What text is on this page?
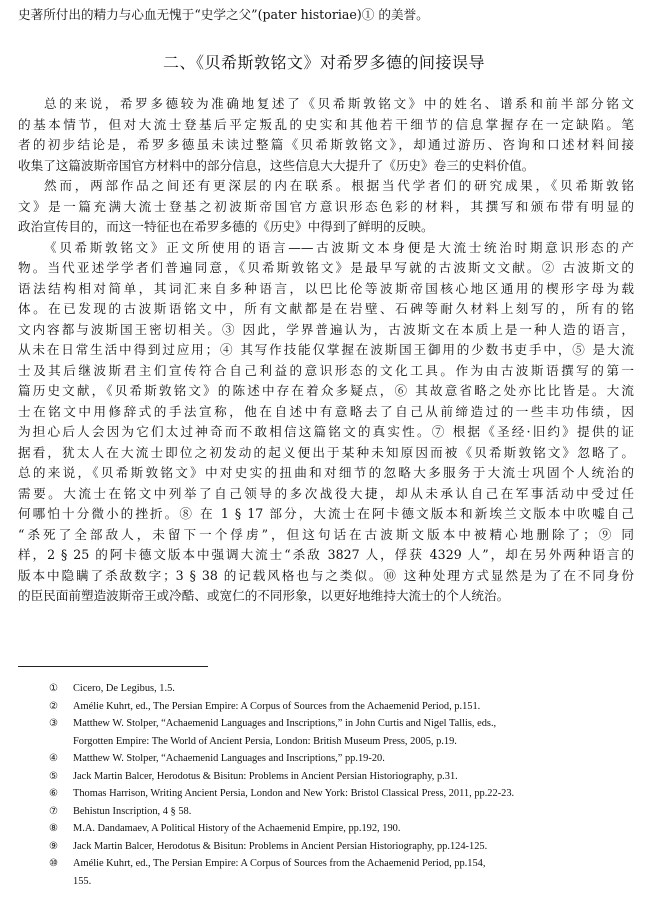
史著所付出的精力与心血无愧于“史学之父”(pater historiae)① 的美誉。
二、《贝希斯敦铭文》对希罗多德的间接误导
总的来说，希罗多德较为准确地复述了《贝希斯敦铭文》中的姓名、谱系和前半部分铭文
的基本情节，但对大流士登基后平定叛乱的史实和其他若干细节的信息掌握存在一定缺陷。笔
者的初步结论是，希罗多德虽未读过整篇《贝希斯敦铭文》，却通过游历、咨询和口述材料间接
收集了这篇波斯帝国官方材料中的部分信息，这些信息大大提升了《历史》卷三的史料价值。
然而，两部作品之间还有更深层的内在联系。根据当代学者们的研究成果，《贝希斯敦铭
文》是一篇充满大流士登基之初波斯帝国官方意识形态色彩的材料，其撰写和颁布带有明显的
政治宣传目的，而这一特征也在希罗多德的《历史》中得到了鲜明的反映。
《贝希斯敦铭文》正文所使用的语言——古波斯文本身便是大流士统治时期意识形态的产
物。当代亚述学学者们普遍同意，《贝希斯敦铭文》是最早写就的古波斯文文献。② 古波斯文的
语法结构相对简单，其词汇来自多种语言，以巴比伦等波斯帝国核心地区通用的楔形字母为载
体。在已发现的古波斯语铭文中，所有文献都是在岩壁、石碑等耐久材料上刻写的，所有的铭
文内容都与波斯国王密切相关。③ 因此，学界普遍认为，古波斯文在本质上是一种人造的语言，
从未在日常生活中得到过应用；④ 其写作技能仅掌握在波斯国王御用的少数书吏手中，⑤ 是大流
士及其后继波斯君主们宣传符合自己利益的意识形态的文化工具。作为由古波斯语撰写的第一
篇历史文献，《贝希斯敦铭文》的陈述中存在着众多疑点，⑥ 其故意省略之处亦比比皆是。大流
士在铭文中用修辞式的手法宣称，他在自述中有意略去了自己从前缔造过的一些丰功伟绩，因
为担心后人会因为它们太过神奇而不敢相信这篇铭文的真实性。⑦ 根据《圣经·旧约》提供的证
据看，犹太人在大流士即位之初发动的起义便出于某种未知原因而被《贝希斯敦铭文》忽略了。
总的来说，《贝希斯敦铭文》中对史实的扭曲和对细节的忽略大多服务于大流士巩固个人统治的
需要。大流士在铭文中列举了自己领导的多次战役大捷，却从未承认自己在军事活动中受过任
何哪怕十分微小的挫折。⑧ 在 1 § 17 部分，大流士在阿卡德文版本和新埃兰文版本中吹嘘自己
“杀死了全部敌人，未留下一个俘虏”，但这句话在古波斯文版本中被精心地删除了；⑨ 同
样，2 § 25 的阿卡德文版本中强调大流士“杀敌 3827 人，俘获 4329 人”，却在另外两种语言的
版本中隐瞒了杀敌数字；3 § 38 的记载风格也与之类似。⑩ 这种处理方式显然是为了在不同身份
的臣民面前塑造波斯帝王或冷酷、或宽仁的不同形象，以更好地维持大流士的个人统治。
① Cicero, De Legibus, 1.5.
② Amélie Kuhrt, ed., The Persian Empire: A Corpus of Sources from the Achaemenid Period, p.151.
③ Matthew W. Stolper, “Achaemenid Languages and Inscriptions,” in John Curtis and Nigel Tallis, eds.,
Forgotten Empire: The World of Ancient Persia, London: British Museum Press, 2005, p.19.
④ Matthew W. Stolper, “Achaemenid Languages and Inscriptions,” pp.19-20.
⑤ Jack Martin Balcer, Herodotus & Bisitun: Problems in Ancient Persian Historiography, p.31.
⑥ Thomas Harrison, Writing Ancient Persia, London and New York: Bristol Classical Press, 2011, pp.22-23.
⑦ Behistun Inscription, 4 § 58.
⑧ M.A. Dandamaev, A Political History of the Achaemenid Empire, pp.192, 190.
⑨ Jack Martin Balcer, Herodotus & Bisitun: Problems in Ancient Persian Historiography, pp.124-125.
⑩ Amélie Kuhrt, ed., The Persian Empire: A Corpus of Sources from the Achaemenid Period, pp.154,
155.
